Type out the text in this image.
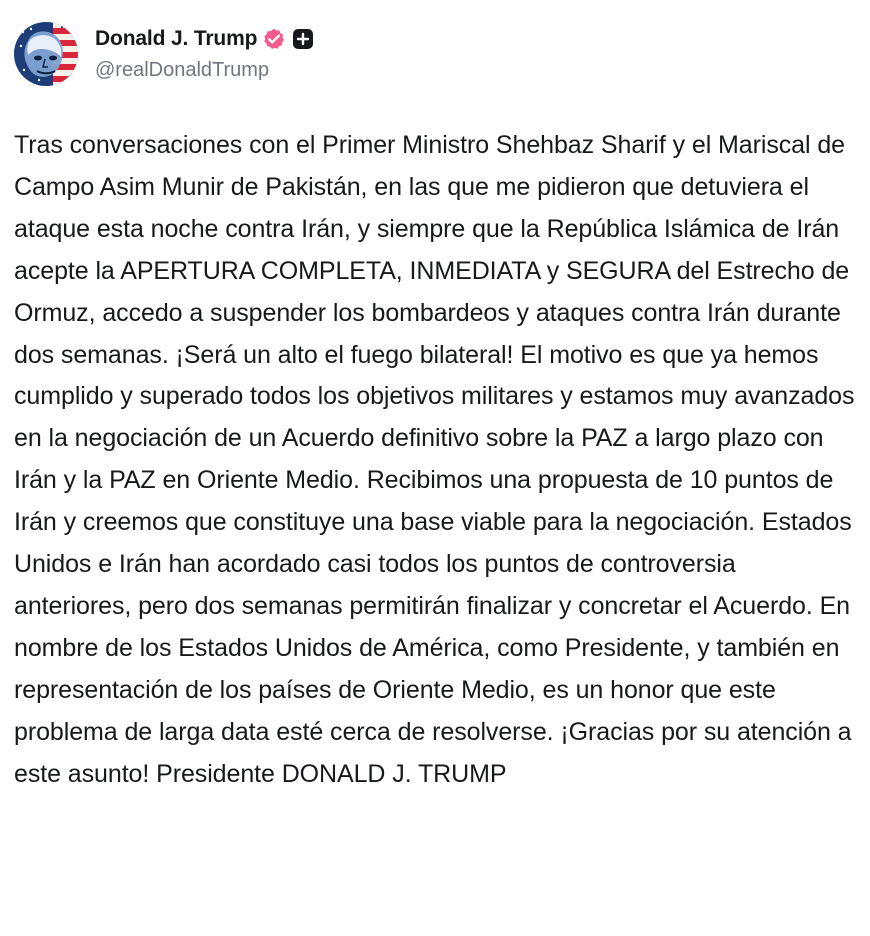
Donald J. Trump
@realDonaldTrump
Tras conversaciones con el Primer Ministro Shehbaz Sharif y el Mariscal de Campo Asim Munir de Pakistán, en las que me pidieron que detuviera el ataque esta noche contra Irán, y siempre que la República Islámica de Irán acepte la APERTURA COMPLETA, INMEDIATA y SEGURA del Estrecho de Ormuz, accedo a suspender los bombardeos y ataques contra Irán durante dos semanas. ¡Será un alto el fuego bilateral! El motivo es que ya hemos cumplido y superado todos los objetivos militares y estamos muy avanzados en la negociación de un Acuerdo definitivo sobre la PAZ a largo plazo con Irán y la PAZ en Oriente Medio. Recibimos una propuesta de 10 puntos de Irán y creemos que constituye una base viable para la negociación. Estados Unidos e Irán han acordado casi todos los puntos de controversia anteriores, pero dos semanas permitirán finalizar y concretar el Acuerdo. En nombre de los Estados Unidos de América, como Presidente, y también en representación de los países de Oriente Medio, es un honor que este problema de larga data esté cerca de resolverse. ¡Gracias por su atención a este asunto! Presidente DONALD J. TRUMP
